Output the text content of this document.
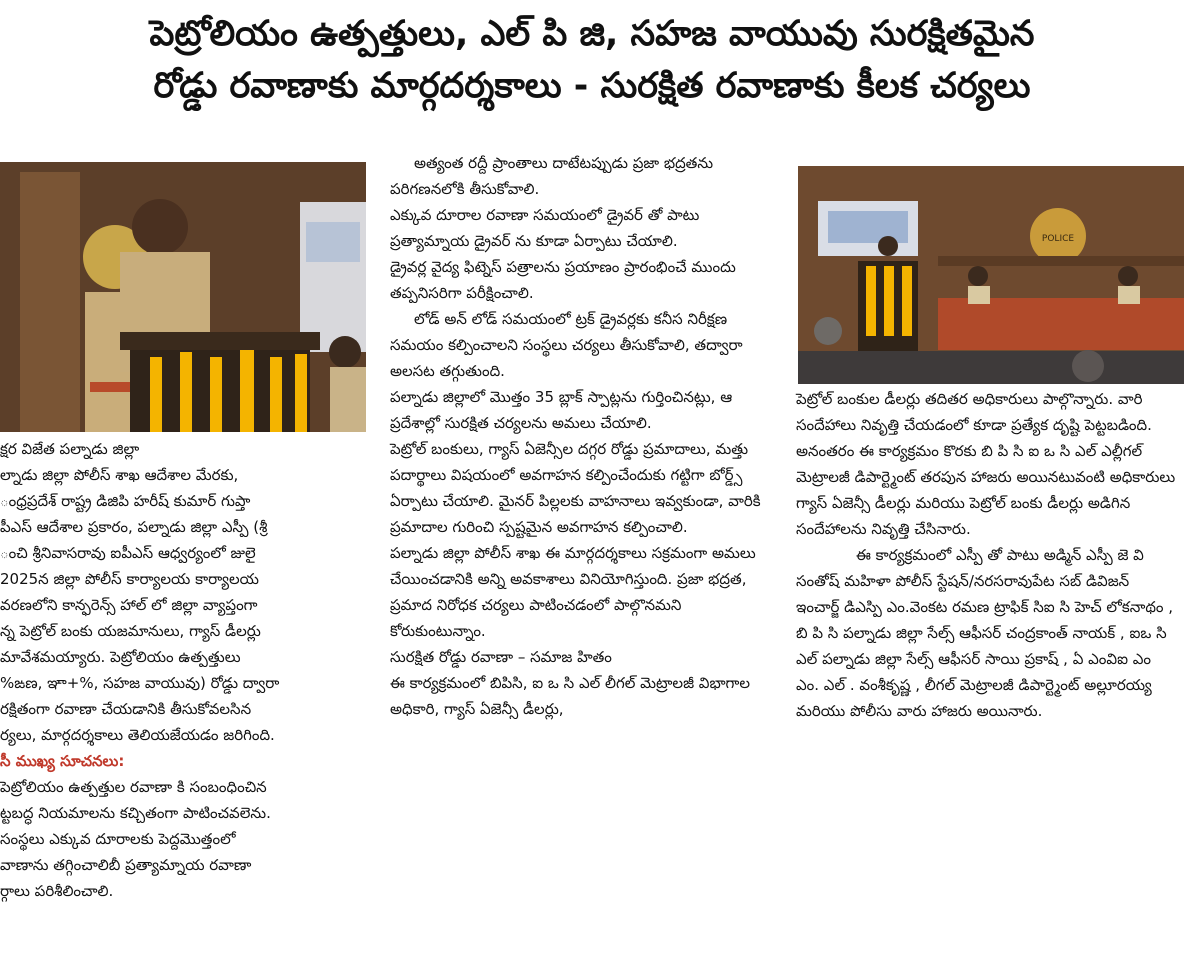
పెట్రోలియం ఉత్పత్తులు, ఎల్ పి జి, సహజ వాయువు సురక్షితమైన
రోడ్డు రవాణాకు మార్గదర్శకాలు - సురక్షిత రవాణాకు కీలక చర్యలు
POLICE

క్షర విజేత పల్నాడు జిల్లా

ల్నాడు జిల్లా పోలీస్ శాఖ ఆదేశాల మేరకు,

ంధ్రప్రదేశ్ రాష్ట్ర డిజిపి హరీష్ కుమార్ గుప్తా

పీఎస్ ఆదేశాల ప్రకారం, పల్నాడు జిల్లా ఎస్పీ (శ్రీ

ంచి శ్రీనివాసరావు ఐపీఎస్ ఆధ్వర్యంలో జులై

2025న జిల్లా పోలీస్ కార్యాలయ కార్యాలయ

వరణలోని కాన్ఫరెన్స్ హాల్ లో జిల్లా వ్యాప్తంగా

న్న పెట్రోల్ బంకు యజమానులు, గ్యాస్ డీలర్లు

మావేశమయ్యారు. పెట్రోలియం ఉత్పత్తులు

%ఙణ, ఞా+%, సహజ వాయువు) రోడ్డు ద్వారా

రక్షితంగా రవాణా చేయడానికి తీసుకోవలసిన

ర్యలు, మార్గదర్శకాలు తెలియజేయడం జరిగింది.

సీ ముఖ్య సూచనలు:

పెట్రోలియం ఉత్పత్తుల రవాణా కి సంబంధించిన

ట్టబద్ధ నియమాలను కచ్చితంగా పాటించవలెను.

సంస్థలు ఎక్కువ దూరాలకు పెద్దమొత్తంలో

వాణాను తగ్గించాలిబీ ప్రత్యామ్నాయ రవాణా

ర్గాలు పరిశీలించాలి.

అత్యంత రద్దీ ప్రాంతాలు దాటేటప్పుడు ప్రజా భద్రతను పరిగణనలోకి తీసుకోవాలి.

ఎక్కువ దూరాల రవాణా సమయంలో డ్రైవర్ తో పాటు ప్రత్యామ్నాయ డ్రైవర్ ను కూడా ఏర్పాటు చేయాలి.

డ్రైవర్ల వైద్య ఫిట్నెస్ పత్రాలను ప్రయాణం ప్రారంభించే ముందు తప్పనిసరిగా పరీక్షించాలి.

లోడ్ అన్ లోడ్ సమయంలో ట్రక్ డ్రైవర్లకు కనీస నిరీక్షణ సమయం కల్పించాలని సంస్థలు చర్యలు తీసుకోవాలి, తద్వారా అలసట తగ్గుతుంది.

పల్నాడు జిల్లాలో మొత్తం 35 బ్లాక్ స్పాట్లను గుర్తించినట్లు, ఆ ప్రదేశాల్లో సురక్షిత చర్యలను అమలు చేయాలి.

పెట్రోల్ బంకులు, గ్యాస్ ఏజెన్సీల దగ్గర రోడ్డు ప్రమాదాలు, మత్తు పదార్థాలు విషయంలో అవగాహన కల్పించేందుకు గట్టిగా బోర్డ్స్ ఏర్పాటు చేయాలి. మైనర్ పిల్లలకు వాహనాలు ఇవ్వకుండా, వారికి ప్రమాదాల గురించి స్పష్టమైన అవగాహన కల్పించాలి.

పల్నాడు జిల్లా పోలీస్ శాఖ ఈ మార్గదర్శకాలు సక్రమంగా అమలు చేయించడానికి అన్ని అవకాశాలు వినియోగిస్తుంది. ప్రజా భద్రత, ప్రమాద నిరోధక చర్యలు పాటించడంలో పాల్గొనమని కోరుకుంటున్నాం.

సురక్షిత రోడ్డు రవాణా – సమాజ హితం

ఈ కార్యక్రమంలో బిపిసి, ఐ ఒ సి ఎల్ లీగల్ మెట్రాలజీ విభాగాల అధికారి, గ్యాస్ ఏజెన్సీ డీలర్లు,

పెట్రోల్ బంకుల డీలర్లు తదితర అధికారులు పాల్గొన్నారు. వారి సందేహాలు నివృత్తి చేయడంలో కూడా ప్రత్యేక దృష్టి పెట్టబడింది.

అనంతరం ఈ కార్యక్రమం కొరకు బి పి సి ఐ ఒ సి ఎల్ ఎల్లీగల్ మెట్రాలజీ డిపార్ట్మెంట్ తరపున హాజరు అయినటువంటి అధికారులు గ్యాస్ ఏజెన్సీ డీలర్లు మరియు పెట్రోల్ బంకు డీలర్లు అడిగిన సందేహాలను నివృత్తి చేసినారు.

ఈ కార్యక్రమంలో ఎస్పీ తో పాటు అడ్మిన్ ఎస్పీ జె వి సంతోష్ మహిళా పోలీస్ స్టేషన్/నరసరావుపేట సబ్ డివిజన్ ఇంచార్జ్ డిఎస్పి ఎం.వెంకట రమణ ట్రాఫిక్ సిఐ సి హెచ్ లోకనాథం , బి పి సి పల్నాడు జిల్లా సేల్స్ ఆఫీసర్ చంద్రకాంత్ నాయక్ , ఐఒ సి ఎల్ పల్నాడు జిల్లా సేల్స్ ఆఫీసర్ సాయి ప్రకాష్ , ఏ ఎంవిఐ ఎం ఎం. ఎల్ . వంశీకృష్ణ , లీగల్ మెట్రాలజీ డిపార్ట్మెంట్ అల్లూరయ్య మరియు పోలీసు వారు హాజరు అయినారు.
